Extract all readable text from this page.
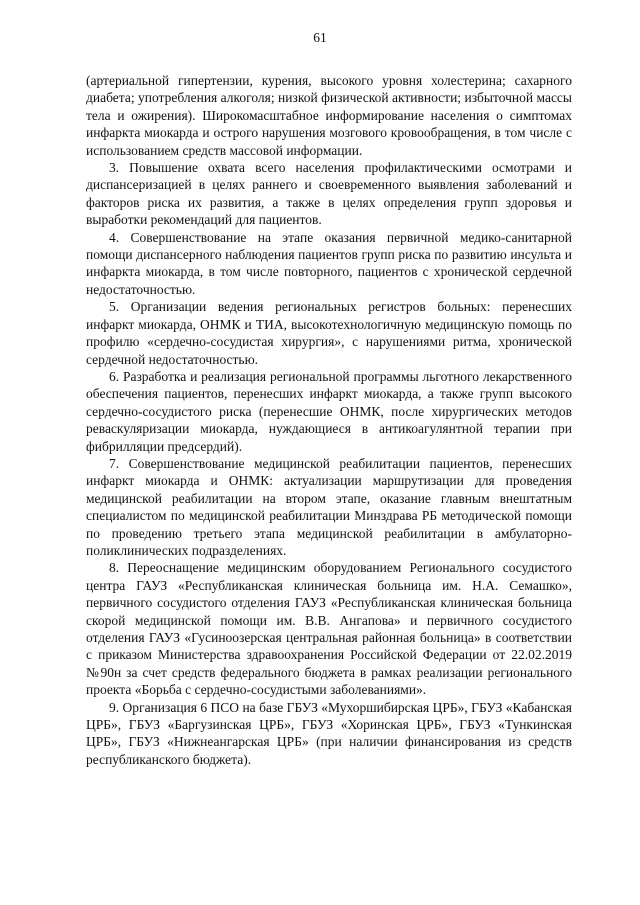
61

(артериальной гипертензии, курения, высокого уровня холестерина; сахарного диабета; употребления алкоголя; низкой физической активности; избыточной массы тела и ожирения). Широкомасштабное информирование населения о симптомах инфаркта миокарда и острого нарушения мозгового кровообращения, в том числе с использованием средств массовой информации.

3. Повышение охвата всего населения профилактическими осмотрами и диспансеризацией в целях раннего и своевременного выявления заболеваний и факторов риска их развития, а также в целях определения групп здоровья и выработки рекомендаций для пациентов.

4. Совершенствование на этапе оказания первичной медико-санитарной помощи диспансерного наблюдения пациентов групп риска по развитию инсульта и инфаркта миокарда, в том числе повторного, пациентов с хронической сердечной недостаточностью.

5. Организации ведения региональных регистров больных: перенесших инфаркт миокарда, ОНМК и ТИА, высокотехнологичную медицинскую помощь по профилю «сердечно-сосудистая хирургия», с нарушениями ритма, хронической сердечной недостаточностью.

6. Разработка и реализация региональной программы льготного лекарственного обеспечения пациентов, перенесших инфаркт миокарда, а также групп высокого сердечно-сосудистого риска (перенесшие ОНМК, после хирургических методов реваскуляризации миокарда, нуждающиеся в антикоагулянтной терапии при фибрилляции предсердий).

7. Совершенствование медицинской реабилитации пациентов, перенесших инфаркт миокарда и ОНМК: актуализации маршрутизации для проведения медицинской реабилитации на втором этапе, оказание главным внештатным специалистом по медицинской реабилитации Минздрава РБ методической помощи по проведению третьего этапа медицинской реабилитации в амбулаторно-поликлинических подразделениях.

8. Переоснащение медицинским оборудованием Регионального сосудистого центра ГАУЗ «Республиканская клиническая больница им. Н.А. Семашко», первичного сосудистого отделения ГАУЗ «Республиканская клиническая больница скорой медицинской помощи им. В.В. Ангапова» и первичного сосудистого отделения ГАУЗ «Гусиноозерская центральная районная больница» в соответствии с приказом Министерства здравоохранения Российской Федерации от 22.02.2019 №90н за счет средств федерального бюджета в рамках реализации регионального проекта «Борьба с сердечно-сосудистыми заболеваниями».

9. Организация 6 ПСО на базе ГБУЗ «Мухоршибирская ЦРБ», ГБУЗ «Кабанская ЦРБ», ГБУЗ «Баргузинская ЦРБ», ГБУЗ «Хоринская ЦРБ», ГБУЗ «Тункинская ЦРБ», ГБУЗ «Нижнеангарская ЦРБ» (при наличии финансирования из средств республиканского бюджета).
